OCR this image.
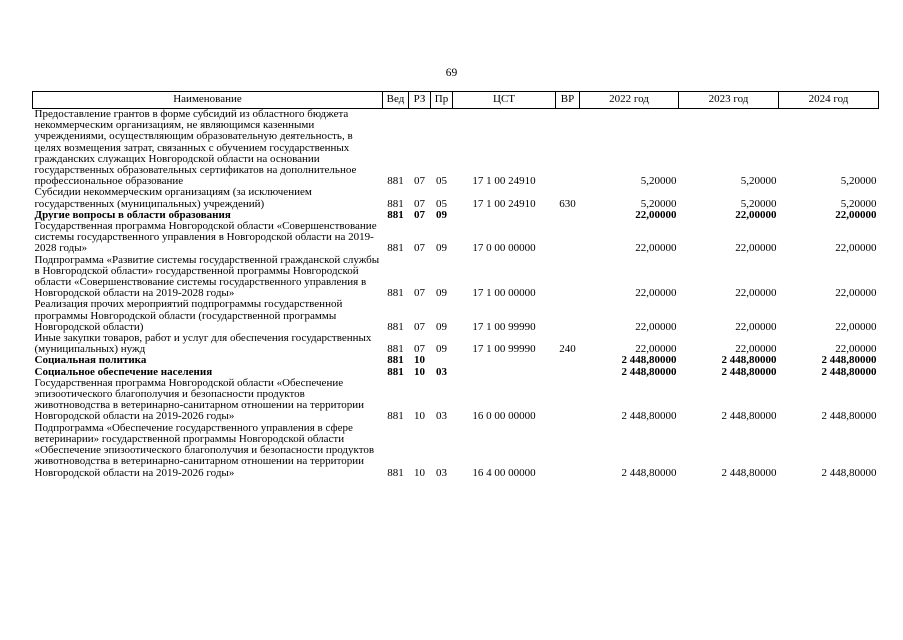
69
Наименование	Вед	РЗ	Пр	ЦСТ	ВР	2022 год	2023 год	2024 год
Предоставление грантов в форме субсидий из областного бюджета некоммерческим организациям, не являющимся казенными учреждениями, осуществляющим образовательную деятельность, в целях возмещения затрат, связанных с обучением государственных гражданских служащих Новгородской области на основании государственных образовательных сертификатов на дополнительное профессиональное образование	881	07	05	17 1 00 24910		5,20000	5,20000	5,20000
Субсидии некоммерческим организациям (за исключением государственных (муниципальных) учреждений)	881	07	05	17 1 00 24910	630	5,20000	5,20000	5,20000
Другие вопросы в области образования	881	07	09			22,00000	22,00000	22,00000
Государственная программа Новгородской области «Совершенствование системы государственного управления в Новгородской области на 2019-2028 годы»	881	07	09	17 0 00 00000		22,00000	22,00000	22,00000
Подпрограмма «Развитие системы государственной гражданской службы в Новгородской области» государственной программы Новгородской области «Совершенствование системы государственного управления в Новгородской области на 2019-2028 годы»	881	07	09	17 1 00 00000		22,00000	22,00000	22,00000
Реализация прочих мероприятий подпрограммы государственной программы Новгородской области (государственной программы Новгородской области)	881	07	09	17 1 00 99990		22,00000	22,00000	22,00000
Иные закупки товаров, работ и услуг для обеспечения государственных (муниципальных) нужд	881	07	09	17 1 00 99990	240	22,00000	22,00000	22,00000
Социальная политика	881	10				2 448,80000	2 448,80000	2 448,80000
Социальное обеспечение населения	881	10	03			2 448,80000	2 448,80000	2 448,80000
Государственная программа Новгородской области «Обеспечение эпизоотического благополучия и безопасности продуктов животноводства в ветеринарно-санитарном отношении на территории Новгородской области на 2019-2026 годы»	881	10	03	16 0 00 00000		2 448,80000	2 448,80000	2 448,80000
Подпрограмма «Обеспечение государственного управления в сфере ветеринарии» государственной программы Новгородской области «Обеспечение эпизоотического благополучия и безопасности продуктов животноводства в ветеринарно-санитарном отношении на территории Новгородской области на 2019-2026 годы»	881	10	03	16 4 00 00000		2 448,80000	2 448,80000	2 448,80000
